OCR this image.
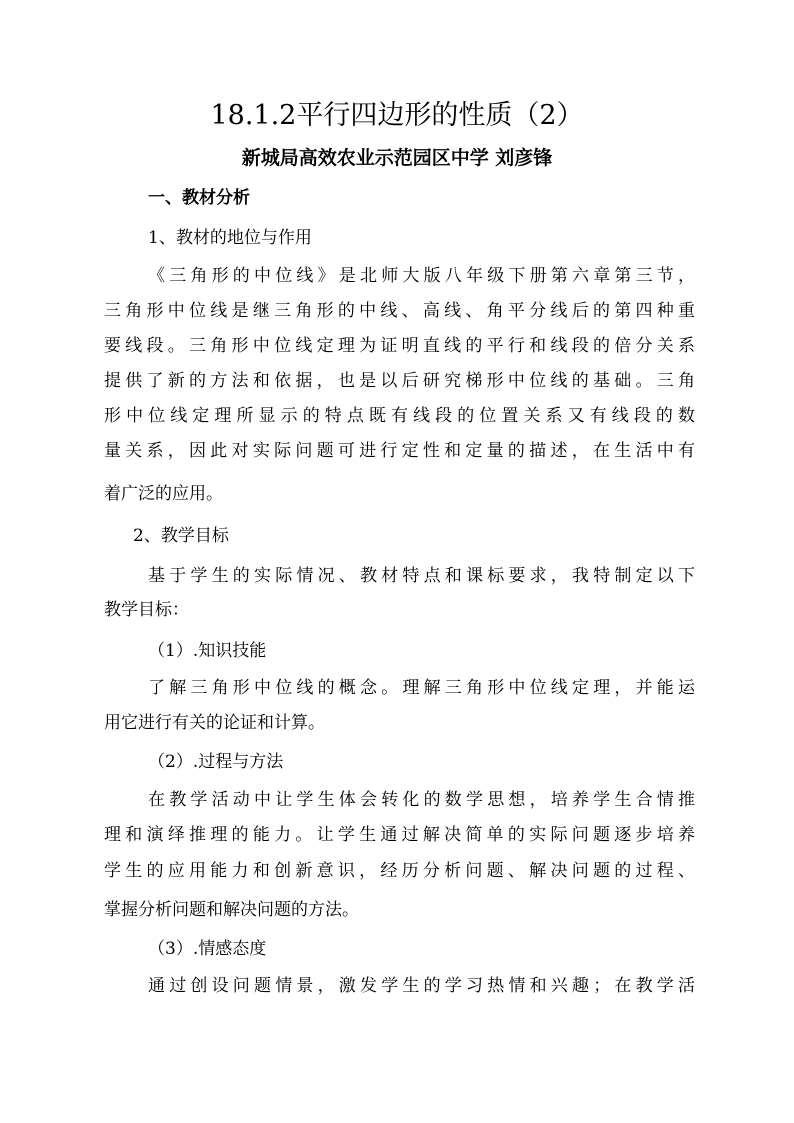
18.1.2平行四边形的性质（2）
新城局高效农业示范园区中学 刘彦锋
一、教材分析
1、教材的地位与作用
《三角形的中位线》是北师大版八年级下册第六章第三节，
三角形中位线是继三角形的中线、高线、角平分线后的第四种重
要线段。三角形中位线定理为证明直线的平行和线段的倍分关系
提供了新的方法和依据，也是以后研究梯形中位线的基础。三角
形中位线定理所显示的特点既有线段的位置关系又有线段的数
量关系，因此对实际问题可进行定性和定量的描述，在生活中有
着广泛的应用。
2、教学目标
基于学生的实际情况、教材特点和课标要求，我特制定以下
教学目标：
（1）.知识技能
了解三角形中位线的概念。理解三角形中位线定理，并能运
用它进行有关的论证和计算。
（2）.过程与方法
在教学活动中让学生体会转化的数学思想，培养学生合情推
理和演绎推理的能力。让学生通过解决简单的实际问题逐步培养
学生的应用能力和创新意识，经历分析问题、解决问题的过程、
掌握分析问题和解决问题的方法。
（3）.情感态度
通过创设问题情景，激发学生的学习热情和兴趣；在教学活
